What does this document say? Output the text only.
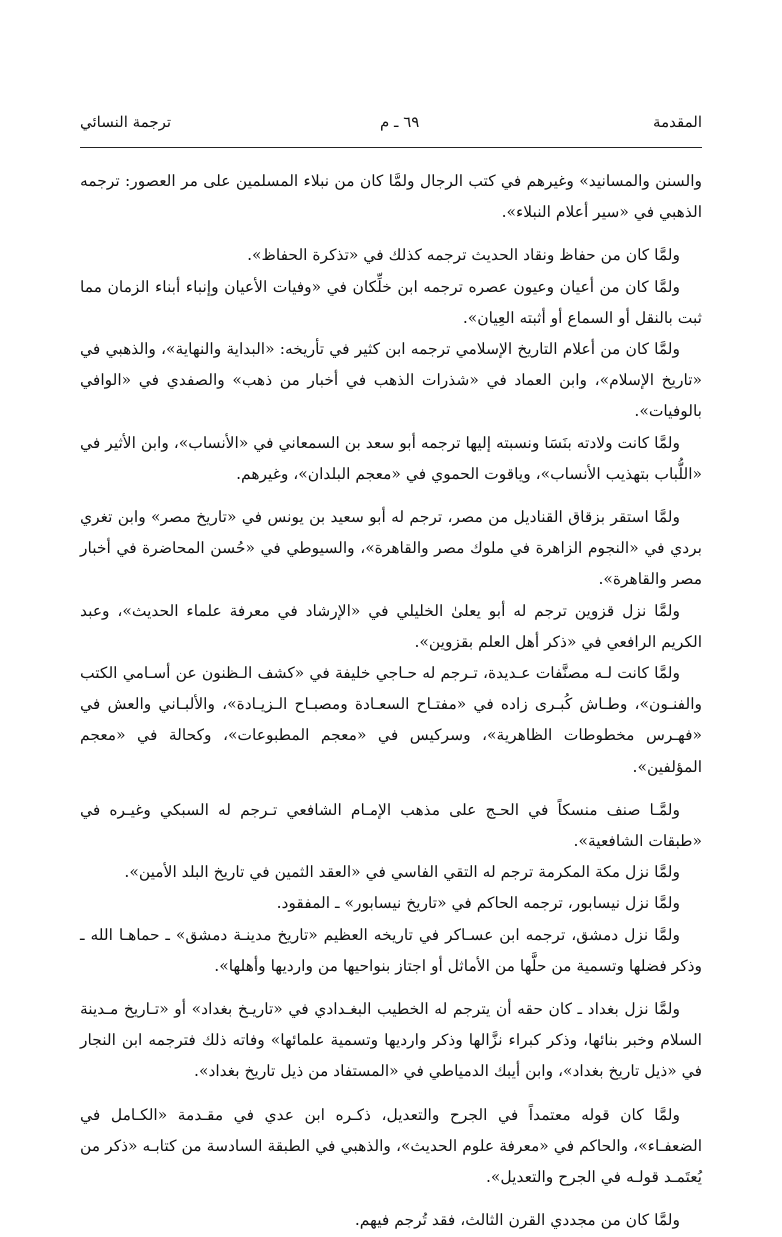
المقدمة
٦٩ ـ م
ترجمة النسائي

والسنن والمسانيد» وغيرهم في كتب الرجال ولمَّا كان من نبلاء المسلمين على مر العصور: ترجمه الذهبي في «سير أعلام النبلاء».

ولمَّا كان من حفاظ ونقاد الحديث ترجمه كذلك في «تذكرة الحفاظ».

ولمَّا كان من أعيان وعيون عصره ترجمه ابن خلِّكان في «وفيات الأعيان وإنباء أبناء الزمان مما ثبت بالنقل أو السماع أو أثبته العِيان».

ولمَّا كان من أعلام التاريخ الإسلامي ترجمه ابن كثير في تأريخه: «البداية والنهاية»، والذهبي في «تاريخ الإسلام»، وابن العماد في «شذرات الذهب في أخبار من ذهب» والصفدي في «الوافي بالوفيات».

ولمَّا كانت ولادته بنَسَا ونسبته إليها ترجمه أبو سعد بن السمعاني في «الأنساب»، وابن الأثير في «اللُّباب بتهذيب الأنساب»، وياقوت الحموي في «معجم البلدان»، وغيرهم.

ولمَّا استقر بزقاق القناديل من مصر، ترجم له أبو سعيد بن يونس في «تاريخ مصر» وابن تغري بردي في «النجوم الزاهرة في ملوك مصر والقاهرة»، والسيوطي في «حُسن المحاضرة في أخبار مصر والقاهرة».

ولمَّا نزل قزوين ترجم له أبو يعلىٰ الخليلي في «الإرشاد في معرفة علماء الحديث»، وعبد الكريم الرافعي في «ذكر أهل العلم بقزوين».

ولمَّا كانت لـه مصنَّفات عـديدة، تـرجم له حـاجي خليفة في «كشف الـظنون عن أسـامي الكتب والفنـون»، وطـاش كُبـرى زاده في «مفتـاح السعـادة ومصبـاح الـزيـادة»، والألبـاني والعش في «فهـرس مخطوطات الظاهرية»، وسركيس في «معجم المطبوعات»، وكحالة في «معجم المؤلفين».

ولمَّـا صنف منسكاً في الحـج على مذهب الإمـام الشافعي تـرجم له السبكي وغيـره في «طبقات الشافعية».

ولمَّا نزل مكة المكرمة ترجم له التقي الفاسي في «العقد الثمين في تاريخ البلد الأمين».

ولمَّا نزل نيسابور، ترجمه الحاكم في «تاريخ نيسابور» ـ المفقود.

ولمَّا نزل دمشق، ترجمه ابن عسـاكر في تاريخه العظيم «تاريخ مدينـة دمشق» ـ حماهـا الله ـ وذكر فضلها وتسمية من حلَّها من الأماثل أو اجتاز بنواحيها من وارديها وأهلها».

ولمَّا نزل بغداد ـ كان حقه أن يترجم له الخطيب البغـدادي في «تاريـخ بغداد» أو «تـاريخ مـدينة السلام وخبر بنائها، وذكر كبراء نزَّالها وذكر وارديها وتسمية علمائها» وفاته ذلك فترجمه ابن النجار في «ذيل تاريخ بغداد»، وابن أيبك الدمياطي في «المستفاد من ذيل تاريخ بغداد».

ولمَّا كان قوله معتمداً في الجرح والتعديل، ذكـره ابن عدي في مقـدمة «الكـامل في الضعفـاء»، والحاكم في «معرفة علوم الحديث»، والذهبي في الطبقة السادسة من كتابـه «ذكر من يُعتَمـد قولـه في الجرح والتعديل».

ولمَّا كان من مجددي القرن الثالث، فقد تُرجم فيهم.
